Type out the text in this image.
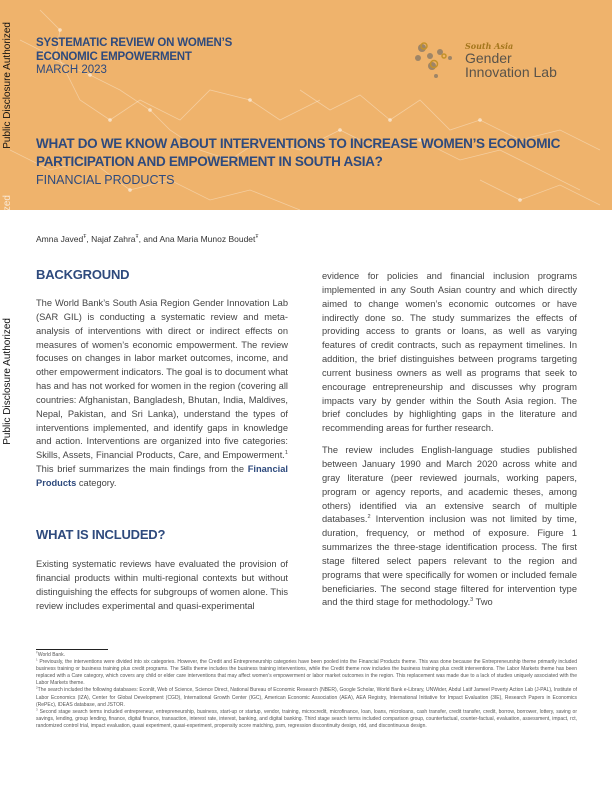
SYSTEMATIC REVIEW ON WOMEN’S
ECONOMIC EMPOWERMENT
MARCH 2023
South Asia
Gender
Innovation Lab
WHAT DO WE KNOW ABOUT INTERVENTIONS TO INCREASE WOMEN’S ECONOMIC
PARTICIPATION AND EMPOWERMENT IN SOUTH ASIA?
FINANCIAL PRODUCTS
Public Disclosure Authorized
ized
Public Disclosure Authorized
Amna Javed$^Ŧ$, Najaf Zahra$^Ŧ$, and Ana Maria Munoz Boudet$^Ŧ$
BACKGROUND

The World Bank’s South Asia Region Gender Innovation Lab (SAR GIL) is conducting a systematic review and meta-analysis of interventions with direct or indirect effects on measures of women’s economic empowerment. The review focuses on changes in labor market outcomes, income, and other empowerment indicators. The goal is to document what has and has not worked for women in the region (covering all countries: Afghanistan, Bangladesh, Bhutan, India, Maldives, Nepal, Pakistan, and Sri Lanka), understand the types of interventions implemented, and identify gaps in knowledge and action. Interventions are organized into five categories: Skills, Assets, Financial Products, Care, and Empowerment.$^1$ This brief summarizes the main findings from the Financial Products category.

WHAT IS INCLUDED?

Existing systematic reviews have evaluated the provision of financial products within multi-regional contexts but without distinguishing the effects for subgroups of women alone. This review includes experimental and quasi-experimental

evidence for policies and financial inclusion programs implemented in any South Asian country and which directly aimed to change women’s economic outcomes or have indirectly done so. The study summarizes the effects of providing access to grants or loans, as well as varying features of credit contracts, such as repayment timelines. In addition, the brief distinguishes between programs targeting current business owners as well as programs that seek to encourage entrepreneurship and discusses why program impacts vary by gender within the South Asia region. The brief concludes by highlighting gaps in the literature and recommending areas for further research.

The review includes English-language studies published between January 1990 and March 2020 across white and gray literature (peer reviewed journals, working papers, program or agency reports, and academic theses, among others) identified via an extensive search of multiple databases.$^2$ Intervention inclusion was not limited by time, duration, frequency, or method of exposure. Figure 1 summarizes the three-stage identification process. The first stage filtered select papers relevant to the region and programs that were specifically for women or included female beneficiaries. The second stage filtered for intervention type and the third stage for methodology.$^3$ Two

$^Ŧ$World Bank.
$^1$ Previously, the interventions were divided into six categories. However, the Credit and Entrepreneurship categories have been pooled into the Financial Products theme. This was done because the Entrepreneurship theme primarily included business training or business training plus credit programs. The Skills theme includes the business training interventions, while the Credit theme now includes the business training plus credit interventions. The Labor Markets theme has been replaced with a Care category, which covers any child or elder care interventions that may affect women’s empowerment or labor market outcomes in the region. This replacement was made due to a lack of studies uniquely associated with the Labor Markets theme.
$^2$The search included the following databases: Econlit, Web of Science, Science Direct, National Bureau of Economic Research (NBER), Google Scholar, World Bank e-Library, UNWider, Abdul Latif Jameel Poverty Action Lab (J-PAL), Institute of Labor Economics (IZA), Center for Global Development (CGD), International Growth Center (IGC), American Economic Association (AEA), AEA Registry, International Initiative for Impact Evaluation (3IE), Research Papers in Economics (RePEc), IDEAS database, and JSTOR.
$^3$ Second stage search terms included entrepreneur, entrepreneurship, business, start-up or startup, vendor, training, microcredit, microfinance, loan, loans, microloans, cash transfer, credit transfer, credit, borrow, borrower, lottery, saving or savings, lending, group lending, finance, digital finance, transaction, interest rate, interest, banking, and digital banking. Third stage search terms included comparison group, counterfactual, counter-factual, evaluation, assessment, impact, rct, randomized control trial, impact evaluation, quasi experiment, quasi-experiment, propensity score matching, psm, regression discontinuity design, rdd, and discontinuous design.
